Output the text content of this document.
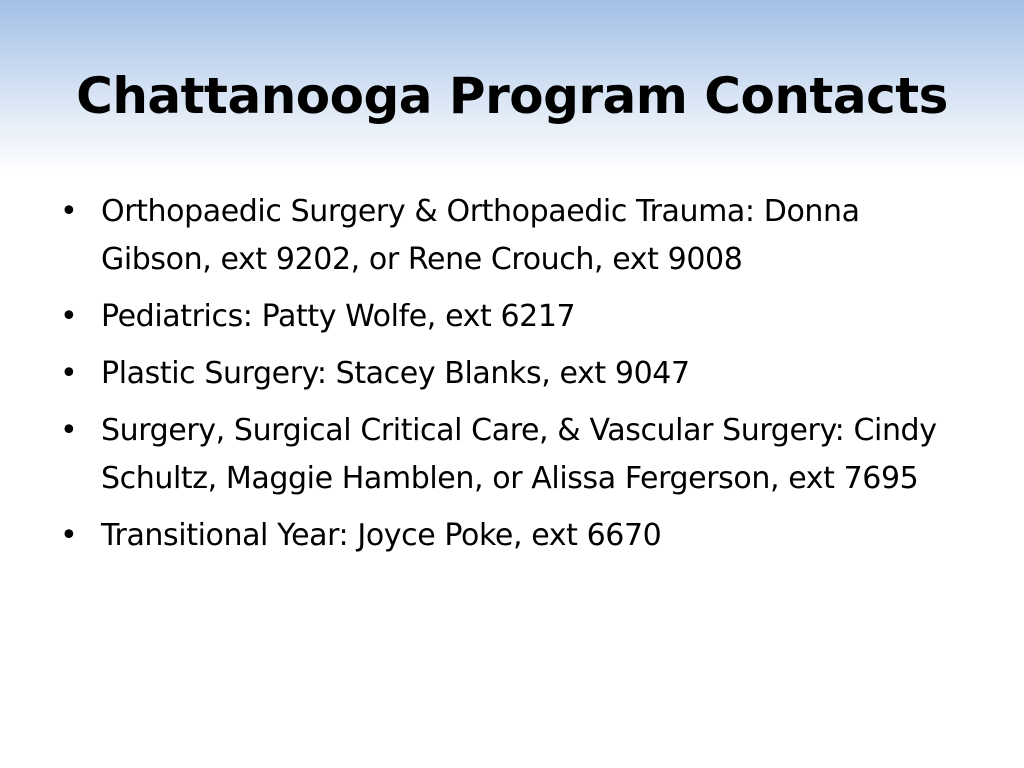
Chattanooga Program Contacts
• Orthopaedic Surgery & Orthopaedic Trauma: Donna Gibson, ext 9202, or Rene Crouch, ext 9008
• Pediatrics: Patty Wolfe, ext 6217
• Plastic Surgery: Stacey Blanks, ext 9047
• Surgery, Surgical Critical Care, & Vascular Surgery: Cindy Schultz, Maggie Hamblen, or Alissa Fergerson, ext 7695
• Transitional Year: Joyce Poke, ext 6670
